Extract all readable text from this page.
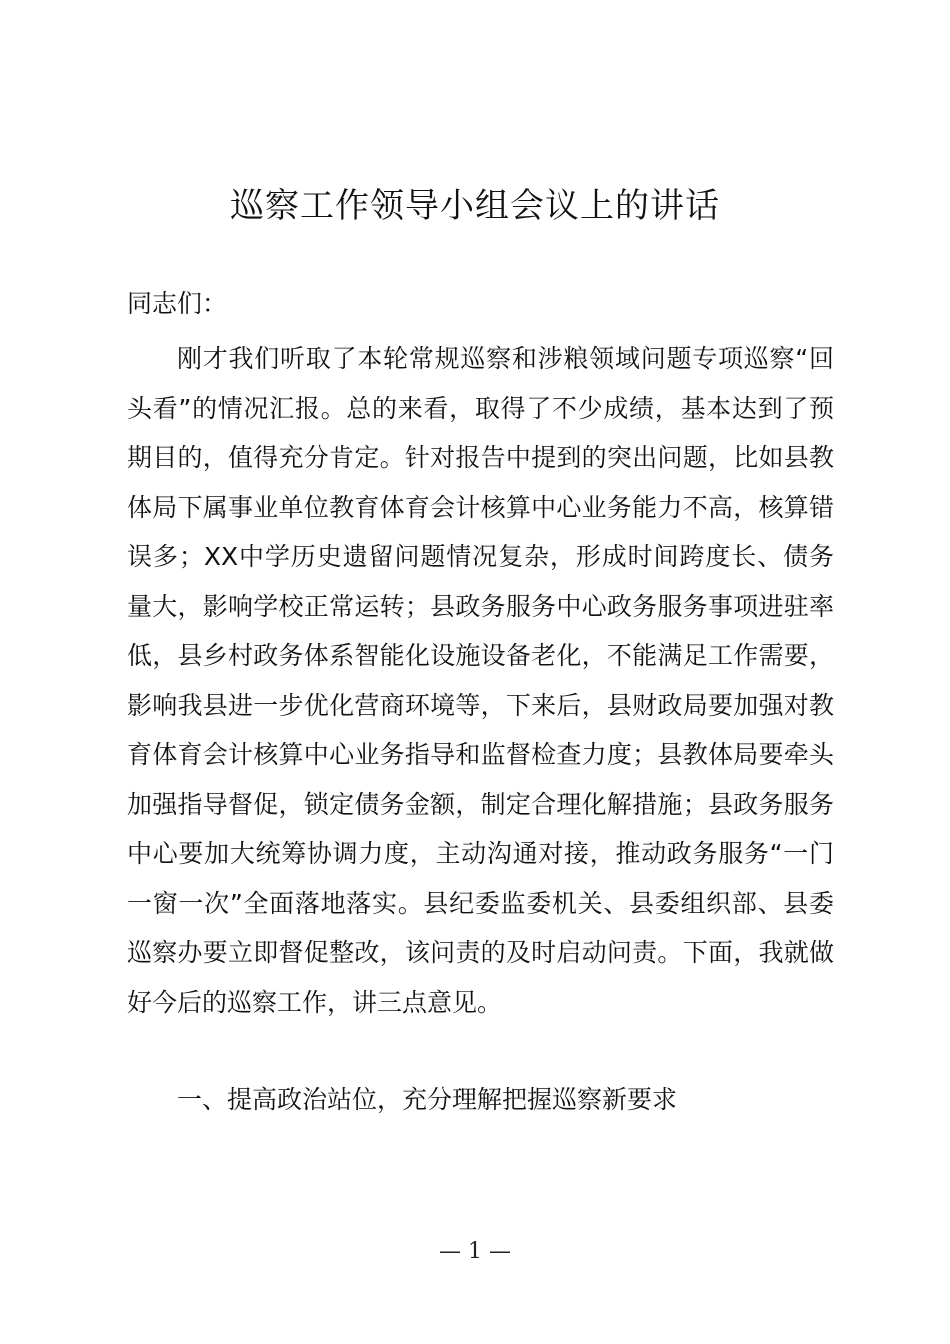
巡察工作领导小组会议上的讲话

同志们：

刚才我们听取了本轮常规巡察和涉粮领域问题专项巡察“回头看”的情况汇报。总的来看，取得了不少成绩，基本达到了预期目的，值得充分肯定。针对报告中提到的突出问题，比如县教体局下属事业单位教育体育会计核算中心业务能力不高，核算错误多；XX中学历史遗留问题情况复杂，形成时间跨度长、债务量大，影响学校正常运转；县政务服务中心政务服务事项进驻率低，县乡村政务体系智能化设施设备老化，不能满足工作需要，影响我县进一步优化营商环境等，下来后，县财政局要加强对教育体育会计核算中心业务指导和监督检查力度；县教体局要牵头加强指导督促，锁定债务金额，制定合理化解措施；县政务服务中心要加大统筹协调力度，主动沟通对接，推动政务服务“一门一窗一次”全面落地落实。县纪委监委机关、县委组织部、县委巡察办要立即督促整改，该问责的及时启动问责。下面，我就做好今后的巡察工作，讲三点意见。

一、提高政治站位，充分理解把握巡察新要求

— 1 —
